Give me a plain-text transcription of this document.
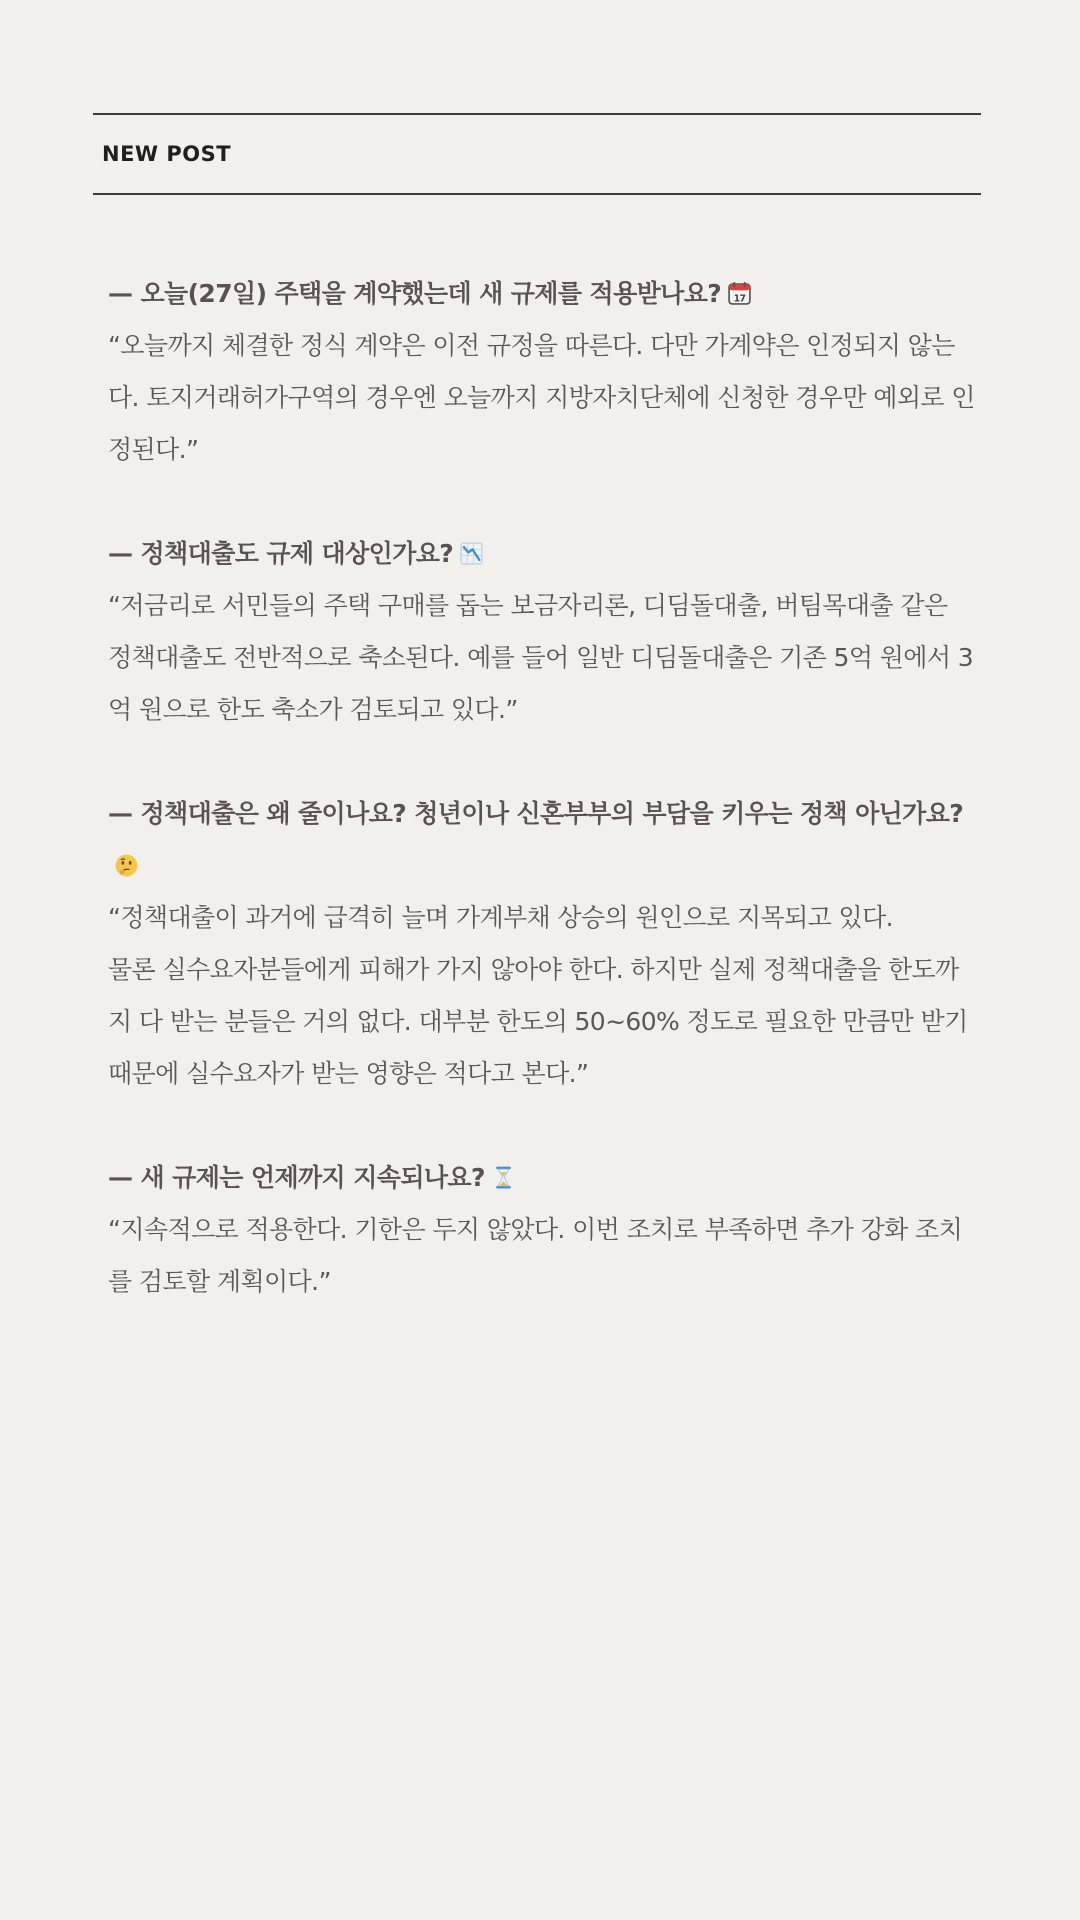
NEW POST
— 오늘(27일) 주택을 계약했는데 새 규제를 적용받나요? 17
“오늘까지 체결한 정식 계약은 이전 규정을 따른다. 다만 가계약은 인정되지 않는다. 토지거래허가구역의 경우엔 오늘까지 지방자치단체에 신청한 경우만 예외로 인정된다.”
— 정책대출도 규제 대상인가요?
“저금리로 서민들의 주택 구매를 돕는 보금자리론, 디딤돌대출, 버팀목대출 같은 정책대출도 전반적으로 축소된다. 예를 들어 일반 디딤돌대출은 기존 5억 원에서 3억 원으로 한도 축소가 검토되고 있다.”
— 정책대출은 왜 줄이나요? 청년이나 신혼부부의 부담을 키우는 정책 아닌가요?
“정책대출이 과거에 급격히 늘며 가계부채 상승의 원인으로 지목되고 있다.
물론 실수요자분들에게 피해가 가지 않아야 한다. 하지만 실제 정책대출을 한도까지 다 받는 분들은 거의 없다. 대부분 한도의 50~60% 정도로 필요한 만큼만 받기 때문에 실수요자가 받는 영향은 적다고 본다.”
— 새 규제는 언제까지 지속되나요?
“지속적으로 적용한다. 기한은 두지 않았다. 이번 조치로 부족하면 추가 강화 조치를 검토할 계획이다.”
